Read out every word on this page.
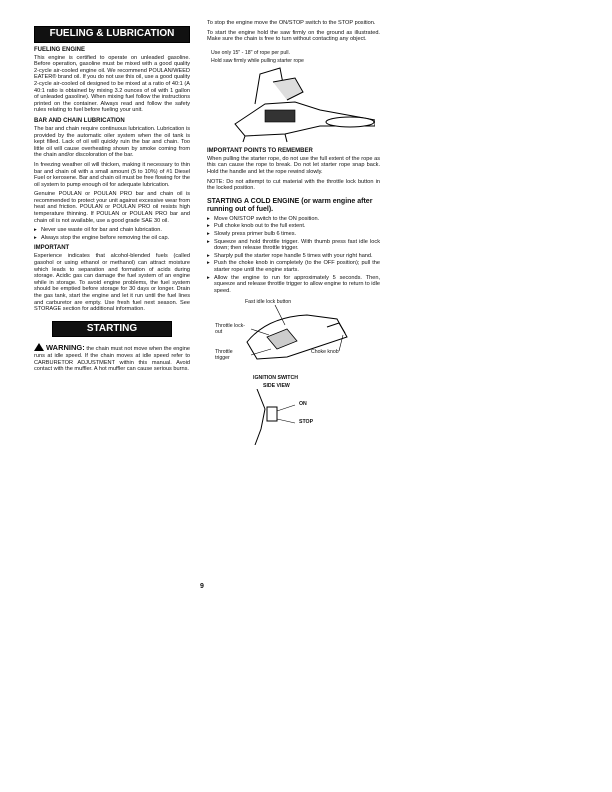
FUELING & LUBRICATION
FUELING ENGINE

This engine is certified to operate on unleaded gasoline. Before operation, gasoline must be mixed with a good quality 2-cycle air-cooled engine oil. We recommend POULAN/WEED EATER® brand oil. If you do not use this oil, use a good quality 2-cycle air-cooled oil designed to be mixed at a ratio of 40:1 (A 40:1 ratio is obtained by mixing 3.2 ounces of oil with 1 gallon of unleaded gasoline). When mixing fuel follow the instructions printed on the container. Always read and follow the safety rules relating to fuel before fueling your unit.

BAR AND CHAIN LUBRICATION

The bar and chain require continuous lubrication. Lubrication is provided by the automatic oiler system when the oil tank is kept filled. Lack of oil will quickly ruin the bar and chain. Too little oil will cause overheating shown by smoke coming from the chain and/or discoloration of the bar.

In freezing weather oil will thicken, making it necessary to thin bar and chain oil with a small amount (5 to 10%) of #1 Diesel Fuel or kerosene. Bar and chain oil must be free flowing for the oil system to pump enough oil for adequate lubrication.

Genuine POULAN or POULAN PRO bar and chain oil is recommended to protect your unit against excessive wear from heat and friction. POULAN or POULAN PRO oil resists high temperature thinning. If POULAN or POULAN PRO bar and chain oil is not available, use a good grade SAE 30 oil.

▸ Never use waste oil for bar and chain lubrication.
▸ Always stop the engine before removing the oil cap.
IMPORTANT

Experience indicates that alcohol-blended fuels (called gasohol or using ethanol or methanol) can attract moisture which leads to separation and formation of acids during storage. Acidic gas can damage the fuel system of an engine while in storage. To avoid engine problems, the fuel system should be emptied before storage for 30 days or longer. Drain the gas tank, start the engine and let it run until the fuel lines and carburetor are empty. Use fresh fuel next season. See STORAGE section for additional information.

STARTING

WARNING: the chain must not move when the engine runs at idle speed. If the chain moves at idle speed refer to CARBURETOR ADJUSTMENT within this manual. Avoid contact with the muffler. A hot muffler can cause serious burns.

To stop the engine move the ON/STOP switch to the STOP position.

To start the engine hold the saw firmly on the ground as illustrated. Make sure the chain is free to turn without contacting any object.

Use only 15" - 18" of rope per pull.
Hold saw firmly while pulling starter rope
IMPORTANT POINTS TO REMEMBER

When pulling the starter rope, do not use the full extent of the rope as this can cause the rope to break. Do not let starter rope snap back. Hold the handle and let the rope rewind slowly.

NOTE: Do not attempt to cut material with the throttle lock button in the locked position.

STARTING A COLD ENGINE (or warm engine after running out of fuel).
▸ Move ON/STOP switch to the ON position.
▸ Pull choke knob out to the full extent.
▸ Slowly press primer bulb 6 times.
▸ Squeeze and hold throttle trigger. With thumb press fast idle lock down; then release throttle trigger.
▸ Sharply pull the starter rope handle 5 times with your right hand.
▸ Push the choke knob in completely (to the OFF position); pull the starter rope until the engine starts.
▸ Allow the engine to run for approximately 5 seconds. Then, squeeze and release throttle trigger to allow engine to return to idle speed.
Fast idle lock button
Throttle lock-out
Throttle trigger
Choke knob
IGNITION SWITCH
SIDE VIEW
ON
STOP
9
